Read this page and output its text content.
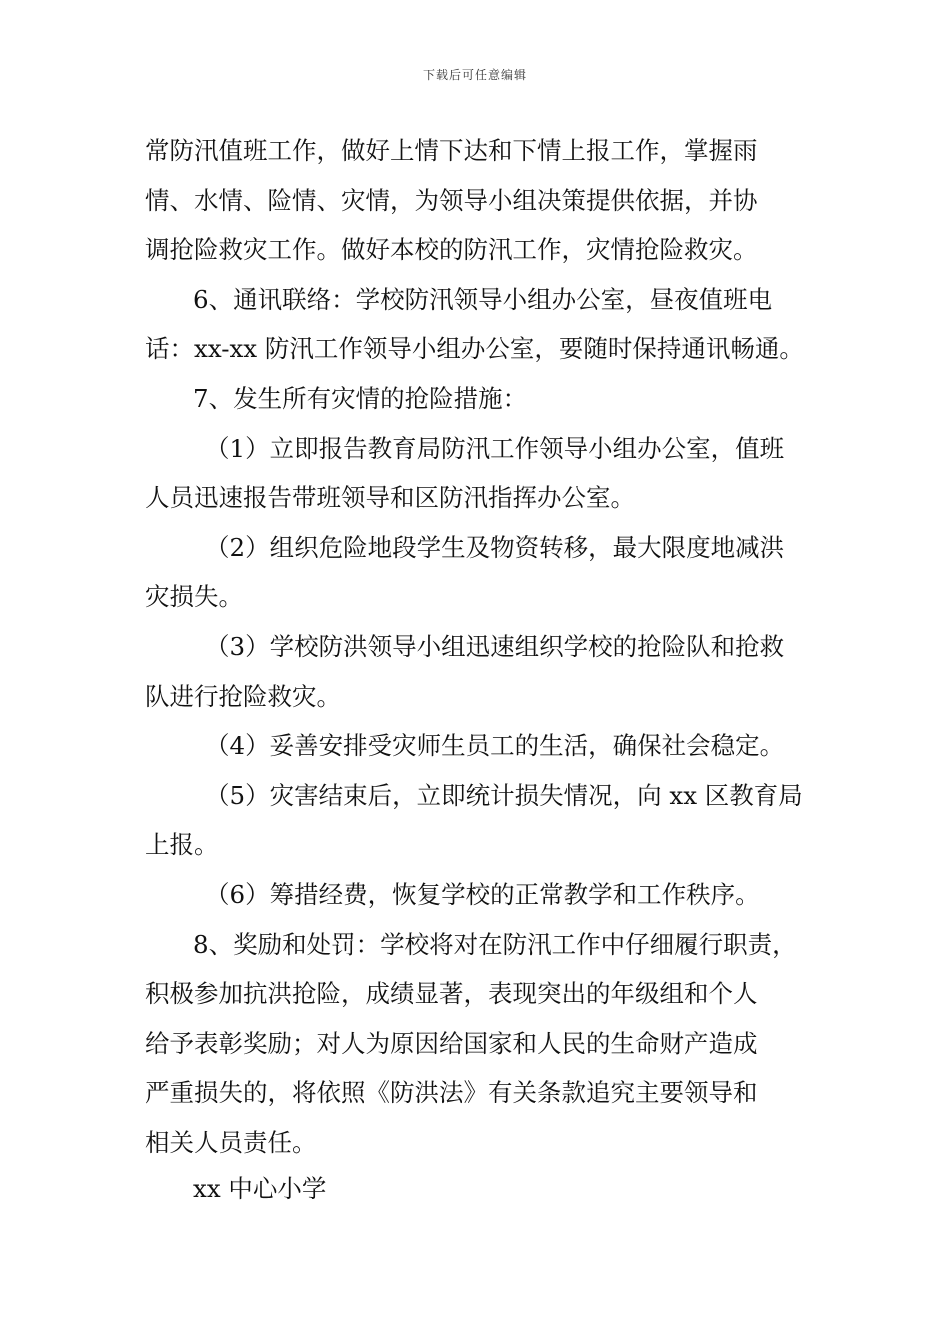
下载后可任意编辑
常防汛值班工作，做好上情下达和下情上报工作，掌握雨
情、水情、险情、灾情，为领导小组决策提供依据，并协
调抢险救灾工作。做好本校的防汛工作，灾情抢险救灾。
6、通讯联络：学校防汛领导小组办公室，昼夜值班电
话：xx-xx 防汛工作领导小组办公室，要随时保持通讯畅通。
7、发生所有灾情的抢险措施：
（1）立即报告教育局防汛工作领导小组办公室，值班
人员迅速报告带班领导和区防汛指挥办公室。
（2）组织危险地段学生及物资转移，最大限度地减洪
灾损失。
（3）学校防洪领导小组迅速组织学校的抢险队和抢救
队进行抢险救灾。
（4）妥善安排受灾师生员工的生活，确保社会稳定。
（5）灾害结束后，立即统计损失情况，向 xx 区教育局
上报。
（6）筹措经费，恢复学校的正常教学和工作秩序。
8、奖励和处罚：学校将对在防汛工作中仔细履行职责，
积极参加抗洪抢险，成绩显著，表现突出的年级组和个人
给予表彰奖励；对人为原因给国家和人民的生命财产造成
严重损失的，将依照《防洪法》有关条款追究主要领导和
相关人员责任。
xx 中心小学
